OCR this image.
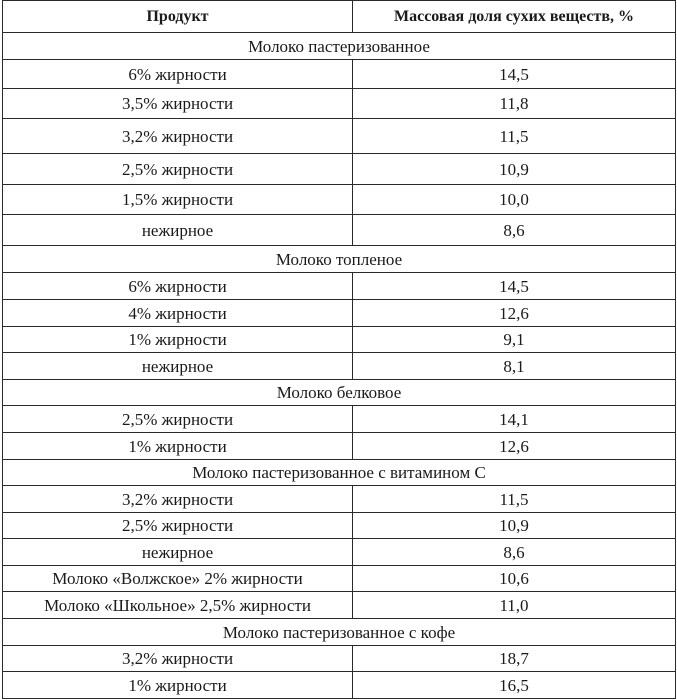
Продукт	Массовая доля сухих веществ, %
Молоко пастеризованное	
6% жирности	14,5
3,5% жирности	11,8
3,2% жирности	11,5
2,5% жирности	10,9
1,5% жирности	10,0
нежирное	8,6
Молоко топленое	
6% жирности	14,5
4% жирности	12,6
1% жирности	9,1
нежирное	8,1
Молоко белковое	
2,5% жирности	14,1
1% жирности	12,6
Молоко пастеризованное с витамином С	
3,2% жирности	11,5
2,5% жирности	10,9
нежирное	8,6
Молоко «Волжское» 2% жирности	10,6
Молоко «Школьное» 2,5% жирности	11,0
Молоко пастеризованное с кофе	
3,2% жирности	18,7
1% жирности	16,5
